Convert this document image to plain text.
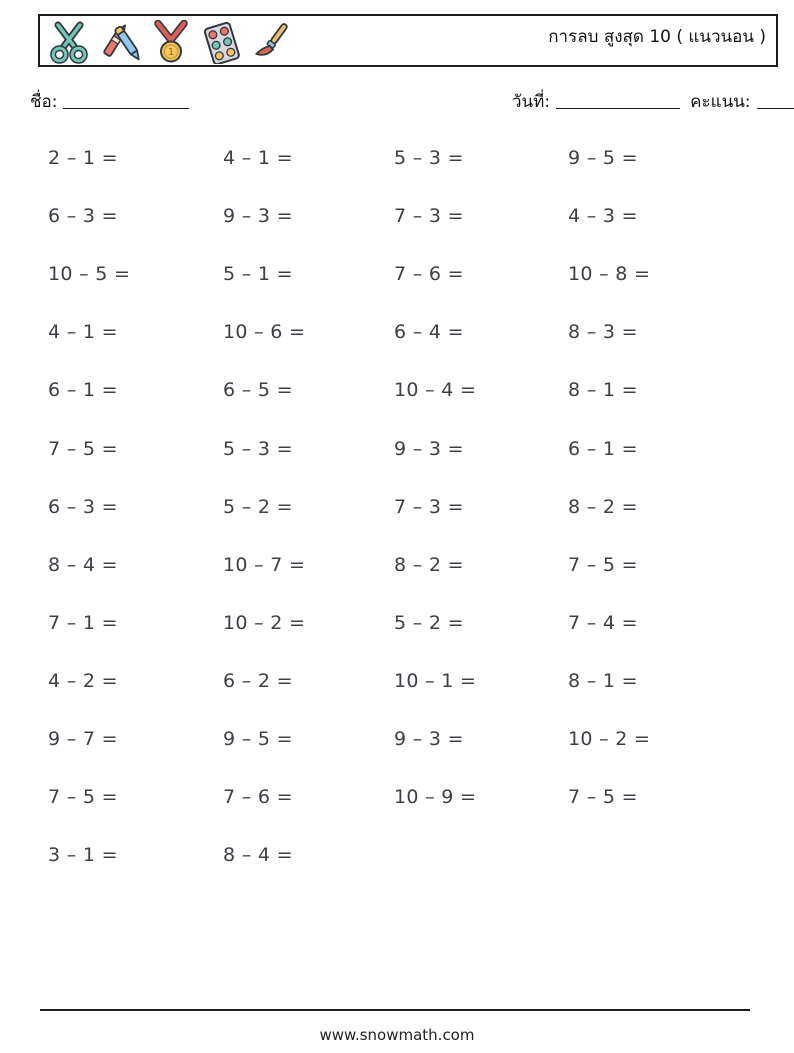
1
การลบ สูงสุด 10 ( แนวนอน )
ชื่อ:	วันที่:	คะแนน:
2 – 1 =	4 – 1 =	5 – 3 =	9 – 5 =
6 – 3 =	9 – 3 =	7 – 3 =	4 – 3 =
10 – 5 =	5 – 1 =	7 – 6 =	10 – 8 =
4 – 1 =	10 – 6 =	6 – 4 =	8 – 3 =
6 – 1 =	6 – 5 =	10 – 4 =	8 – 1 =
7 – 5 =	5 – 3 =	9 – 3 =	6 – 1 =
6 – 3 =	5 – 2 =	7 – 3 =	8 – 2 =
8 – 4 =	10 – 7 =	8 – 2 =	7 – 5 =
7 – 1 =	10 – 2 =	5 – 2 =	7 – 4 =
4 – 2 =	6 – 2 =	10 – 1 =	8 – 1 =
9 – 7 =	9 – 5 =	9 – 3 =	10 – 2 =
7 – 5 =	7 – 6 =	10 – 9 =	7 – 5 =
3 – 1 =	8 – 4 =
www.snowmath.com
